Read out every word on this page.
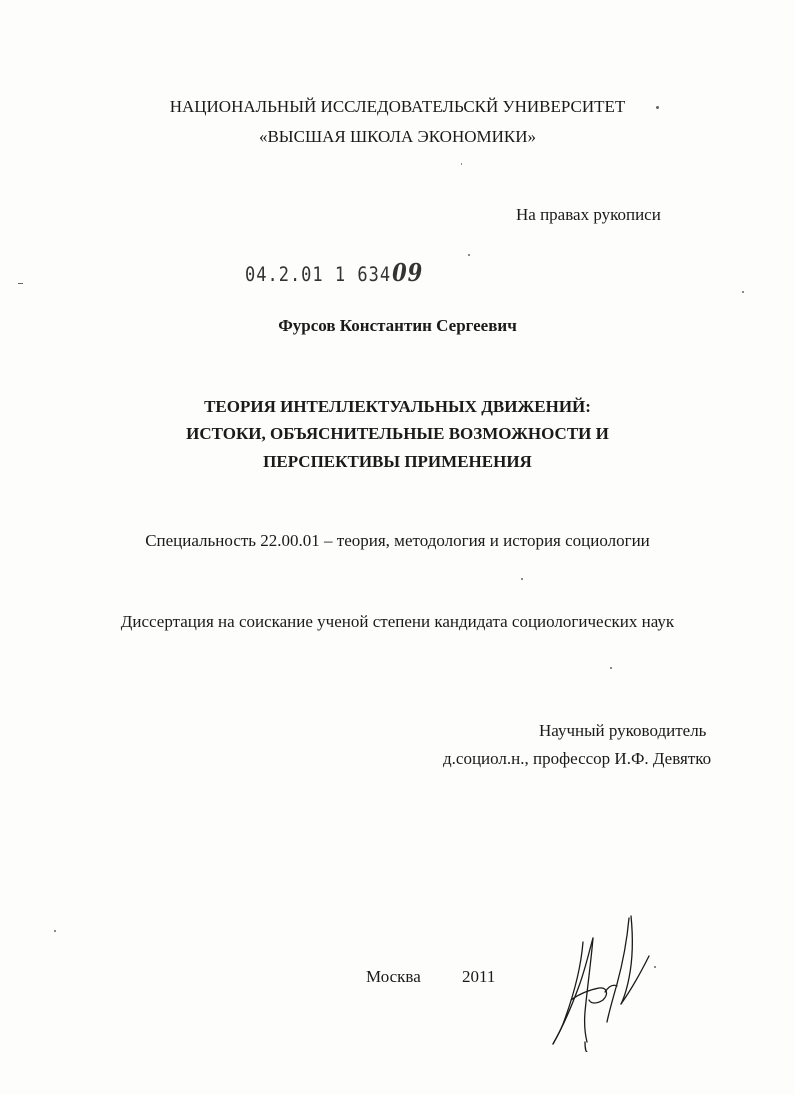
НАЦИОНАЛЬНЫЙ ИССЛЕДОВАТЕЛЬСКЙ УНИВЕРСИТЕТ
«ВЫСШАЯ ШКОЛА ЭКОНОМИКИ»
На правах рукописи
04.2.01 1 63409
Фурсов Константин Сергеевич
ТЕОРИЯ ИНТЕЛЛЕКТУАЛЬНЫХ ДВИЖЕНИЙ:
ИСТОКИ, ОБЪЯСНИТЕЛЬНЫЕ ВОЗМОЖНОСТИ И
ПЕРСПЕКТИВЫ ПРИМЕНЕНИЯ
Специальность 22.00.01 – теория, методология и история социологии
Диссертация на соискание ученой степени кандидата социологических наук
Научный руководитель
д.социол.н., профессор И.Ф. Девятко
Москва 2011
